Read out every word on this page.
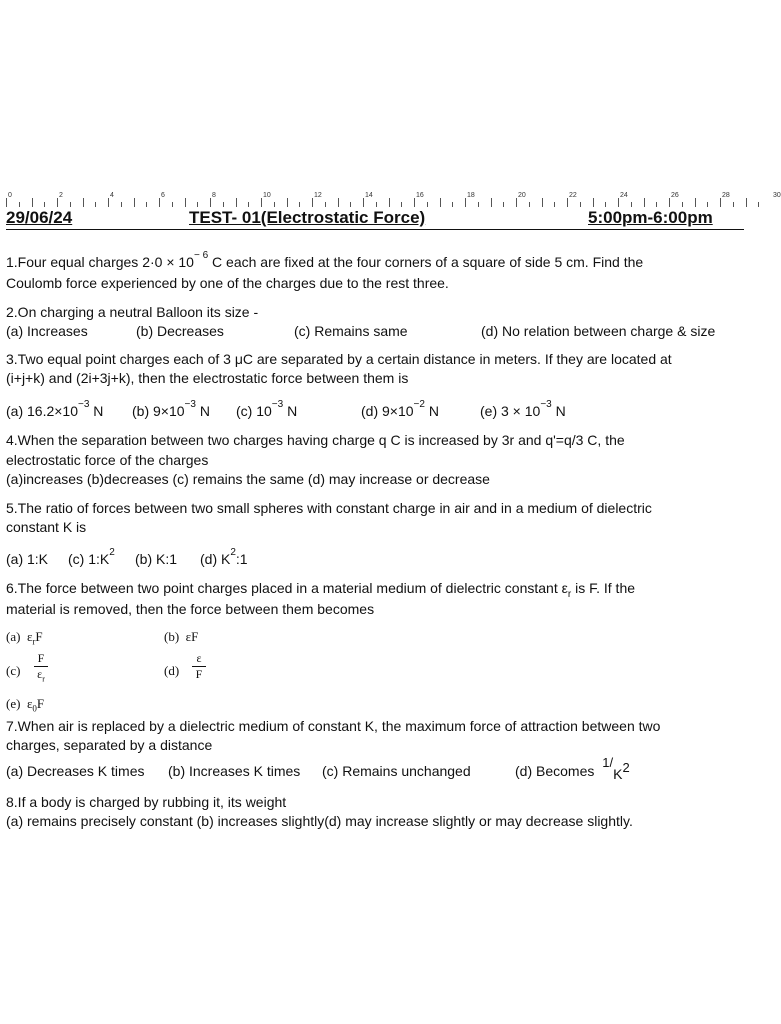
0	2	4	6	8	10	12	14	16	18	20	22	24	26	28	30
29/06/24	TEST- 01(Electrostatic Force)	5:00pm-6:00pm
1.Four equal charges $2\cdot 0 \times 10^{- 6}$ C each are fixed at the four corners of a square of side 5 cm. Find the
Coulomb force experienced by one of the charges due to the rest three.
2.On charging a neutral Balloon its size -
(a) Increases	(b) Decreases	(c) Remains same	(d) No relation between charge & size
3.Two equal point charges each of 3 μC are separated by a certain distance in meters. If they are located at
(i+j+k) and (2i+3j+k), then the electrostatic force between them is
(a) $16.2\times 10^{-3}$ N (b) $9\times 10^{-3}$ N (c) $10^{-3}$ N	(d) $9\times 10^{-2}$ N	(e) $3 \times 10^{-3}$ N
4.When the separation between two charges having charge q C is increased by 3r and q'=q/3 C, the
electrostatic force of the charges
(a)increases (b)decreases (c) remains the same (d) may increase or decrease
5.The ratio of forces between two small spheres with constant charge in air and in a medium of dielectric
constant K is
(a) 1:K (c) $1:K^2$ (b) K:1 (d) $K^2:1$
6.The force between two point charges placed in a material medium of dielectric constant $\varepsilon_r$ is F. If the
material is removed, then the force between them becomes
(a) $\varepsilon_rF$	(b) εF
(c)
F
$\varepsilon_r$
(d)
ε
F
(e) $\varepsilon_0F$
7.When air is replaced by a dielectric medium of constant K, the maximum force of attraction between two
charges, separated by a distance
(a) Decreases K times (b) Increases K times (c) Remains unchanged	(d) Becomes 1/K2
8.If a body is charged by rubbing it, its weight
(a) remains precisely constant (b) increases slightly(d) may increase slightly or may decrease slightly.
